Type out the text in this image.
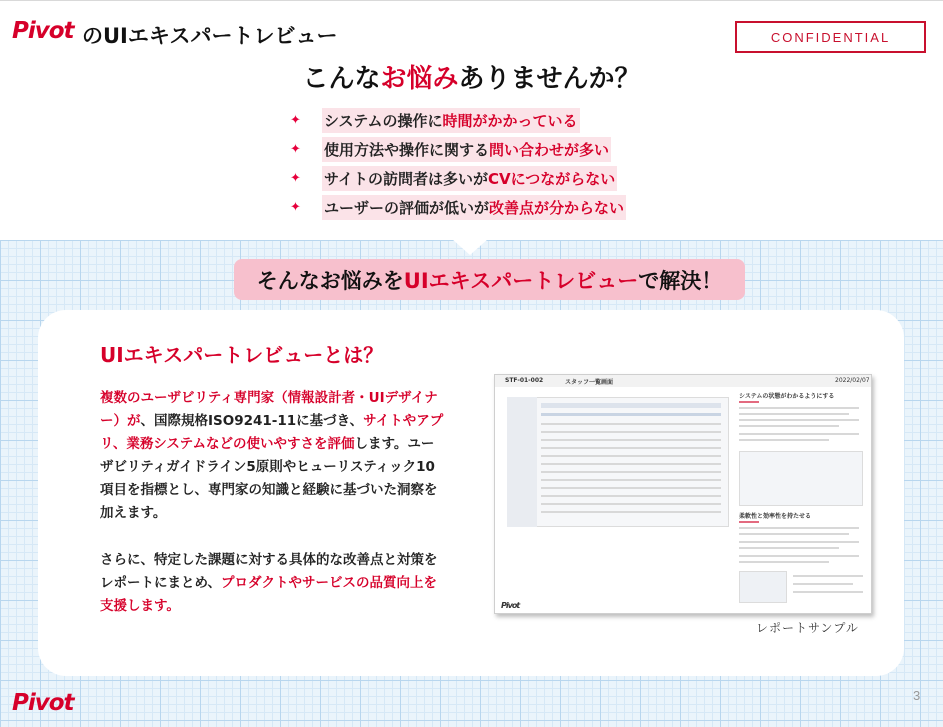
Pivot のUIエキスパートレビュー	CONFIDENTIAL
こんなお悩みありませんか？
✦	システムの操作に時間がかかっている
✦	使用方法や操作に関する問い合わせが多い
✦	サイトの訪問者は多いがCVにつながらない
✦	ユーザーの評価が低いが改善点が分からない
そんなお悩みを UIエキスパートレビュー で解決！
UIエキスパートレビューとは？

複数のユーザビリティ専門家（情報設計者・UIデザイナー）が、国際規格ISO9241-11に基づき、サイトやアプリ、業務システムなどの使いやすさを評価します。ユーザビリティガイドライン5原則やヒューリスティック10項目を指標とし、専門家の知識と経験に基づいた洞察を加えます。

さらに、特定した課題に対する具体的な改善点と対策をレポートにまとめ、プロダクトやサービスの品質向上を支援します。

STF-01-002	スタッフ一覧画面	2022/02/07
システムの状態がわかるようにする
柔軟性と効率性を持たせる
Pivot
レポートサンプル
Pivot	3
